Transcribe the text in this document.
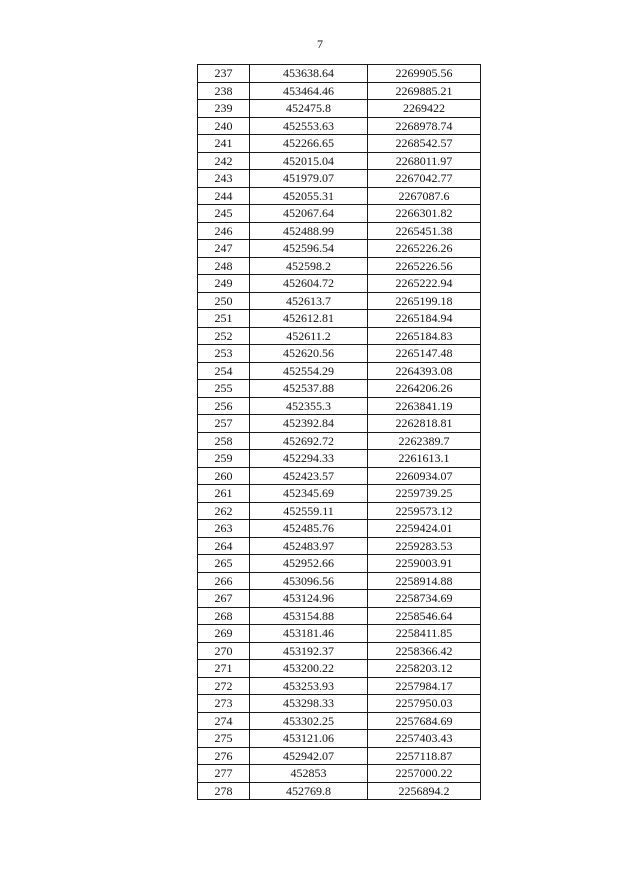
7
237	453638.64	2269905.56
238	453464.46	2269885.21
239	452475.8	2269422
240	452553.63	2268978.74
241	452266.65	2268542.57
242	452015.04	2268011.97
243	451979.07	2267042.77
244	452055.31	2267087.6
245	452067.64	2266301.82
246	452488.99	2265451.38
247	452596.54	2265226.26
248	452598.2	2265226.56
249	452604.72	2265222.94
250	452613.7	2265199.18
251	452612.81	2265184.94
252	452611.2	2265184.83
253	452620.56	2265147.48
254	452554.29	2264393.08
255	452537.88	2264206.26
256	452355.3	2263841.19
257	452392.84	2262818.81
258	452692.72	2262389.7
259	452294.33	2261613.1
260	452423.57	2260934.07
261	452345.69	2259739.25
262	452559.11	2259573.12
263	452485.76	2259424.01
264	452483.97	2259283.53
265	452952.66	2259003.91
266	453096.56	2258914.88
267	453124.96	2258734.69
268	453154.88	2258546.64
269	453181.46	2258411.85
270	453192.37	2258366.42
271	453200.22	2258203.12
272	453253.93	2257984.17
273	453298.33	2257950.03
274	453302.25	2257684.69
275	453121.06	2257403.43
276	452942.07	2257118.87
277	452853	2257000.22
278	452769.8	2256894.2
